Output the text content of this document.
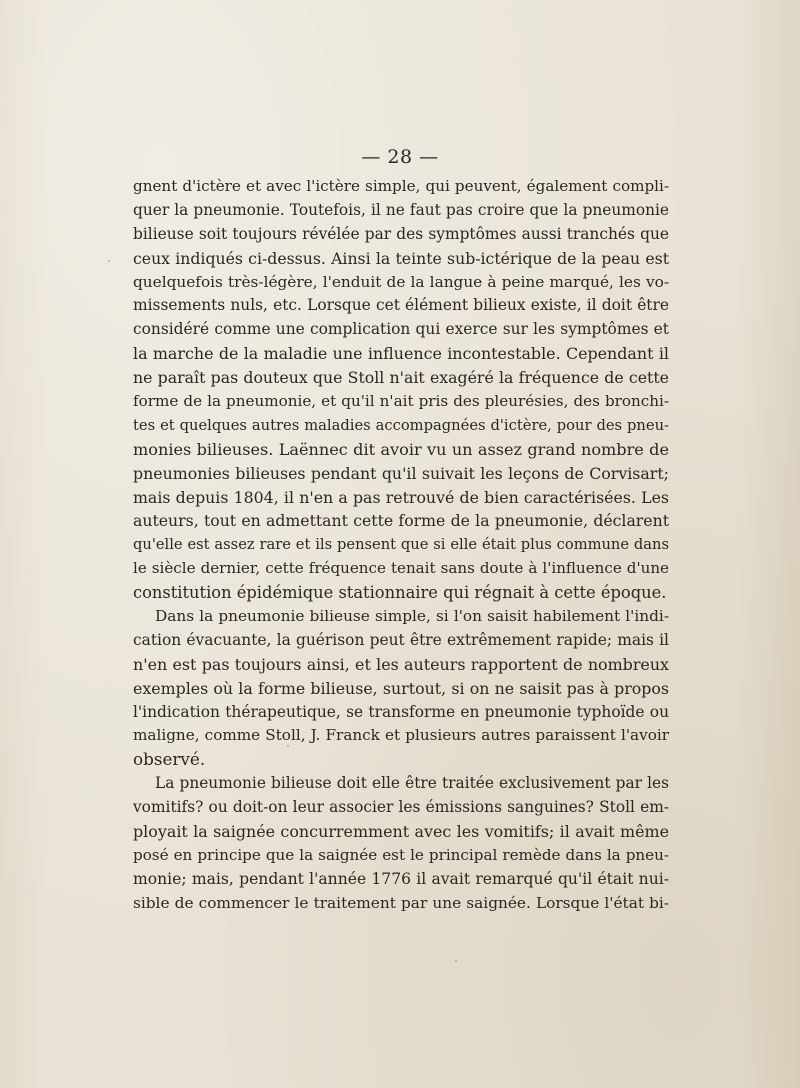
— 28 —
gnent d'ictère et avec l'ictère simple, qui peuvent, également compli-
quer la pneumonie. Toutefois, il ne faut pas croire que la pneumonie
bilieuse soit toujours révélée par des symptômes aussi tranchés que
ceux indiqués ci-dessus. Ainsi la teinte sub-ictérique de la peau est
quelquefois très-légère, l'enduit de la langue à peine marqué, les vo-
missements nuls, etc. Lorsque cet élément bilieux existe, il doit être
considéré comme une complication qui exerce sur les symptômes et
la marche de la maladie une influence incontestable. Cependant il
ne paraît pas douteux que Stoll n'ait exagéré la fréquence de cette
forme de la pneumonie, et qu'il n'ait pris des pleurésies, des bronchi-
tes et quelques autres maladies accompagnées d'ictère, pour des pneu-
monies bilieuses. Laënnec dit avoir vu un assez grand nombre de
pneumonies bilieuses pendant qu'il suivait les leçons de Corvisart;
mais depuis 1804, il n'en a pas retrouvé de bien caractérisées. Les
auteurs, tout en admettant cette forme de la pneumonie, déclarent
qu'elle est assez rare et ils pensent que si elle était plus commune dans
le siècle dernier, cette fréquence tenait sans doute à l'influence d'une
constitution épidémique stationnaire qui régnait à cette époque.
Dans la pneumonie bilieuse simple, si l'on saisit habilement l'indi-
cation évacuante, la guérison peut être extrêmement rapide; mais il
n'en est pas toujours ainsi, et les auteurs rapportent de nombreux
exemples où la forme bilieuse, surtout, si on ne saisit pas à propos
l'indication thérapeutique, se transforme en pneumonie typhoïde ou
maligne, comme Stoll, J. Franck et plusieurs autres paraissent l'avoir
observé.
La pneumonie bilieuse doit elle être traitée exclusivement par les
vomitifs? ou doit-on leur associer les émissions sanguines? Stoll em-
ployait la saignée concurremment avec les vomitifs; il avait même
posé en principe que la saignée est le principal remède dans la pneu-
monie; mais, pendant l'année 1776 il avait remarqué qu'il était nui-
sible de commencer le traitement par une saignée. Lorsque l'état bi-
